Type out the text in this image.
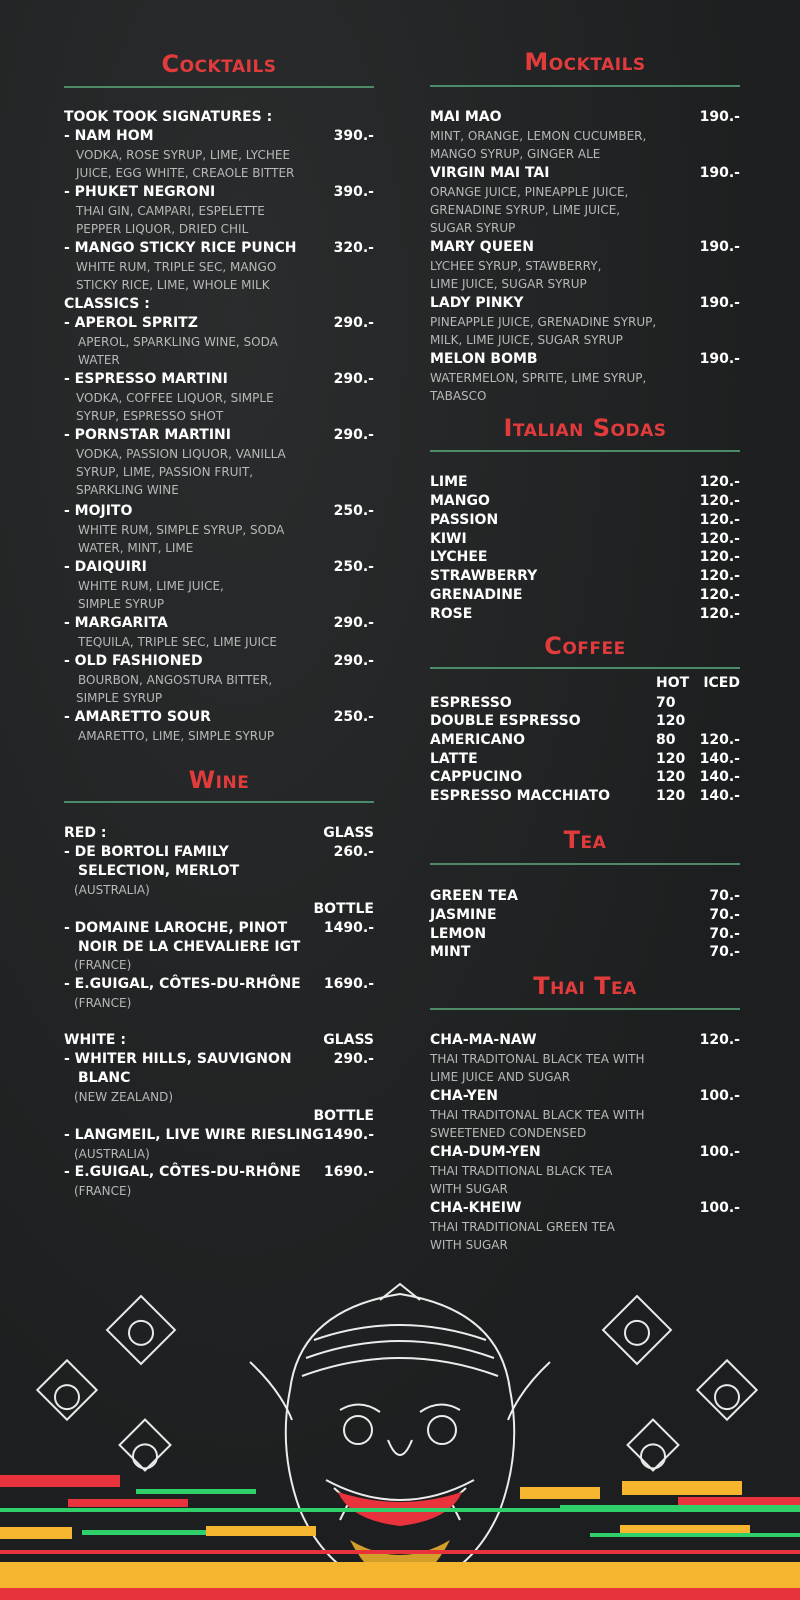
Cocktails
TOOK TOOK SIGNATURES :
- NAM HOM	390.-
VODKA, ROSE SYRUP, LIME, LYCHEE
JUICE, EGG WHITE, CREAOLE BITTER
- PHUKET NEGRONI	390.-
THAI GIN, CAMPARI, ESPELETTE
PEPPER LIQUOR, DRIED CHIL
- MANGO STICKY RICE PUNCH	320.-
WHITE RUM, TRIPLE SEC, MANGO
STICKY RICE, LIME, WHOLE MILK
CLASSICS :
- APEROL SPRITZ	290.-
APEROL, SPARKLING WINE, SODA
WATER
- ESPRESSO MARTINI	290.-
VODKA, COFFEE LIQUOR, SIMPLE
SYRUP, ESPRESSO SHOT
- PORNSTAR MARTINI	290.-
VODKA, PASSION LIQUOR, VANILLA
SYRUP, LIME, PASSION FRUIT,
SPARKLING WINE
- MOJITO	250.-
WHITE RUM, SIMPLE SYRUP, SODA
WATER, MINT, LIME
- DAIQUIRI	250.-
WHITE RUM, LIME JUICE,
SIMPLE SYRUP
- MARGARITA	290.-
TEQUILA, TRIPLE SEC, LIME JUICE
- OLD FASHIONED	290.-
BOURBON, ANGOSTURA BITTER,
SIMPLE SYRUP
- AMARETTO SOUR	250.-
AMARETTO, LIME, SIMPLE SYRUP
Wine
RED :	GLASS
- DE BORTOLI FAMILY	260.-
SELECTION, MERLOT
(AUSTRALIA)
BOTTLE
- DOMAINE LAROCHE, PINOT	1490.-
NOIR DE LA CHEVALIERE IGT
(FRANCE)
- E.GUIGAL, CÔTES-DU-RHÔNE 1690.-
(FRANCE)
WHITE :	GLASS
- WHITER HILLS, SAUVIGNON	290.-
BLANC
(NEW ZEALAND)
BOTTLE
- LANGMEIL, LIVE WIRE RIESLING 1490.-
(AUSTRALIA)
- E.GUIGAL, CÔTES-DU-RHÔNE 1690.-
(FRANCE)
Mocktails
MAI MAO	190.-
MINT, ORANGE, LEMON CUCUMBER,
MANGO SYRUP, GINGER ALE
VIRGIN MAI TAI	190.-
ORANGE JUICE, PINEAPPLE JUICE,
GRENADINE SYRUP, LIME JUICE,
SUGAR SYRUP
MARY QUEEN	190.-
LYCHEE SYRUP, STAWBERRY,
LIME JUICE, SUGAR SYRUP
LADY PINKY	190.-
PINEAPPLE JUICE, GRENADINE SYRUP,
MILK, LIME JUICE, SUGAR SYRUP
MELON BOMB	190.-
WATERMELON, SPRITE, LIME SYRUP,
TABASCO
Italian Sodas
LIME	120.-
MANGO	120.-
PASSION	120.-
KIWI	120.-
LYCHEE	120.-
STRAWBERRY	120.-
GRENADINE	120.-
ROSE	120.-
Coffee
HOT ICED
ESPRESSO	70
DOUBLE ESPRESSO	120
AMERICANO	80 120.-
LATTE	120 140.-
CAPPUCINO	120 140.-
ESPRESSO MACCHIATO	120 140.-
Tea
GREEN TEA	70.-
JASMINE	70.-
LEMON	70.-
MINT	70.-
Thai Tea
CHA-MA-NAW	120.-
THAI TRADITONAL BLACK TEA WITH
LIME JUICE AND SUGAR
CHA-YEN	100.-
THAI TRADITONAL BLACK TEA WITH
SWEETENED CONDENSED
CHA-DUM-YEN	100.-
THAI TRADITIONAL BLACK TEA
WITH SUGAR
CHA-KHEIW	100.-
THAI TRADITIONAL GREEN TEA
WITH SUGAR
